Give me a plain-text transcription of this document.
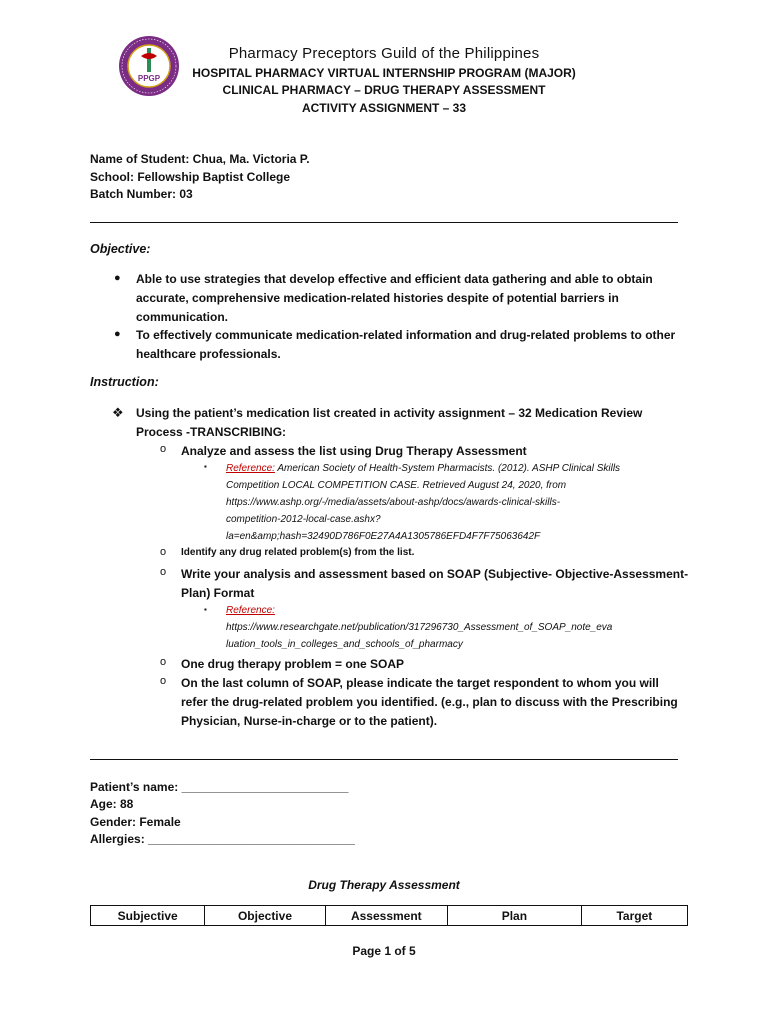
PPGP
Pharmacy Preceptors Guild of the Philippines
HOSPITAL PHARMACY VIRTUAL INTERNSHIP PROGRAM (MAJOR)
CLINICAL PHARMACY – DRUG THERAPY ASSESSMENT
ACTIVITY ASSIGNMENT – 33
Name of Student: Chua, Ma. Victoria P.
School: Fellowship Baptist College
Batch Number: 03
Objective:
● Able to use strategies that develop effective and efficient data gathering and able to obtain
accurate, comprehensive medication-related histories despite of potential barriers in
communication.
● To effectively communicate medication-related information and drug-related problems to other
healthcare professionals.
Instruction:
❖ Using the patient’s medication list created in activity assignment – 32 Medication Review
Process -TRANSCRIBING:
o Analyze and assess the list using Drug Therapy Assessment
▪ Reference: American Society of Health-System Pharmacists. (2012). ASHP Clinical Skills
Competition LOCAL COMPETITION CASE. Retrieved August 24, 2020, from
https://www.ashp.org/-/media/assets/about-ashp/docs/awards-clinical-skills-
competition-2012-local-case.ashx?
la=en&amp;hash=32490D786F0E27A4A1305786EFD4F7F75063642F
o Identify any drug related problem(s) from the list.
o Write your analysis and assessment based on SOAP (Subjective- Objective-Assessment-
Plan) Format
▪ Reference:
https://www.researchgate.net/publication/317296730_Assessment_of_SOAP_note_eva
luation_tools_in_colleges_and_schools_of_pharmacy
o One drug therapy problem = one SOAP
o On the last column of SOAP, please indicate the target respondent to whom you will
refer the drug-related problem you identified. (e.g., plan to discuss with the Prescribing
Physician, Nurse-in-charge or to the patient).
Patient’s name: _________________________
Age: 88
Gender: Female
Allergies: _______________________________
Drug Therapy Assessment
Subjective	Objective	Assessment	Plan	Target
Page 1 of 5
